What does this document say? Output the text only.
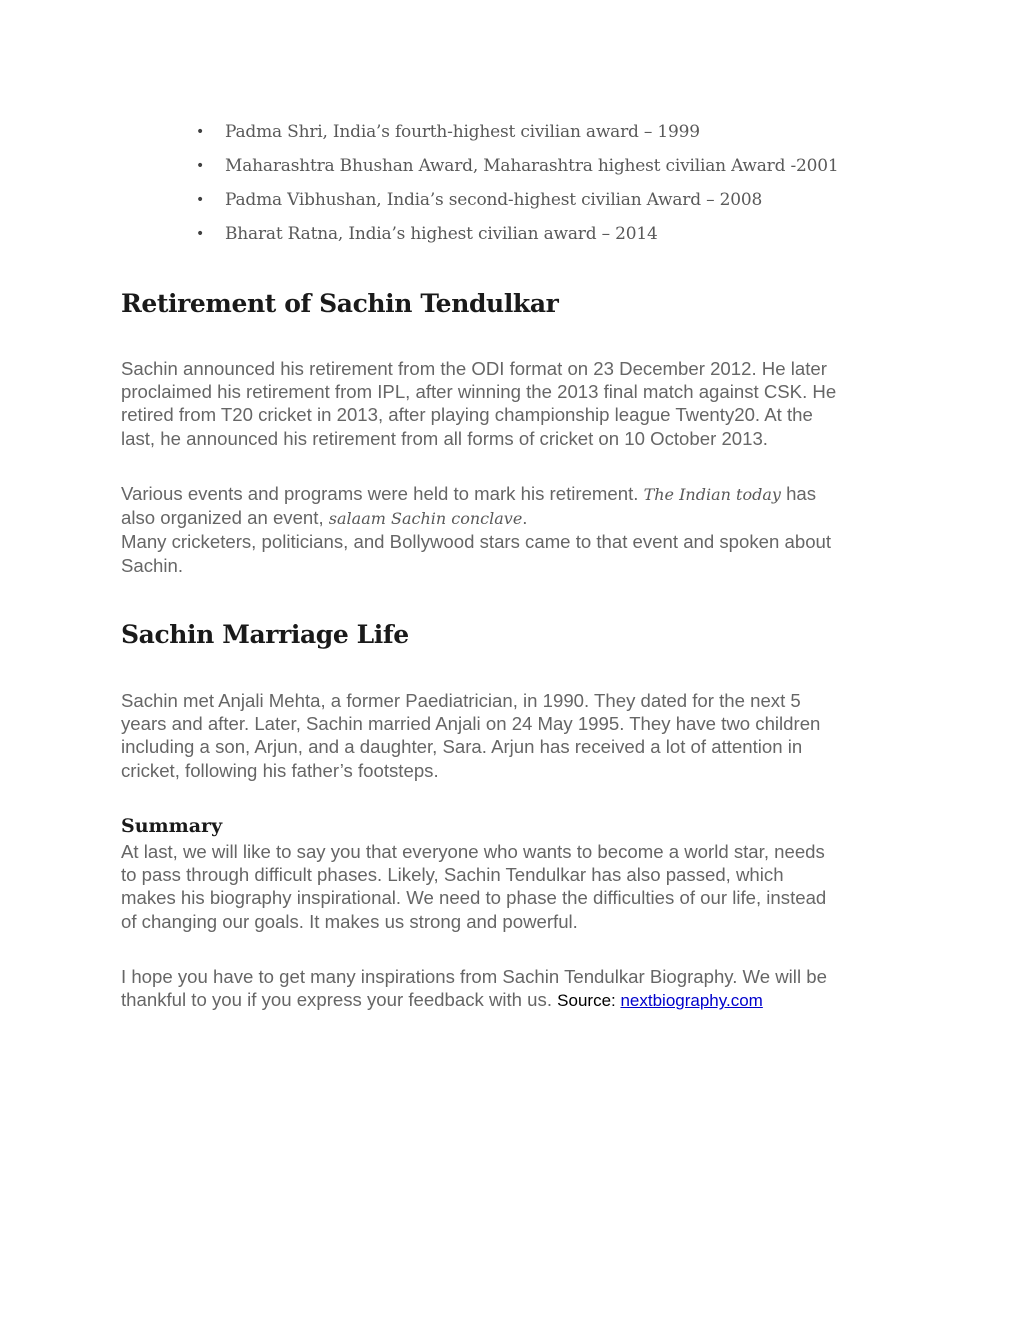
• Padma Shri, India’s fourth-highest civilian award – 1999
• Maharashtra Bhushan Award, Maharashtra highest civilian Award -2001
• Padma Vibhushan, India’s second-highest civilian Award – 2008
• Bharat Ratna, India’s highest civilian award – 2014
Retirement of Sachin Tendulkar

Sachin announced his retirement from the ODI format on 23 December 2012. He later
proclaimed his retirement from IPL, after winning the 2013 final match against CSK. He
retired from T20 cricket in 2013, after playing championship league Twenty20. At the
last, he announced his retirement from all forms of cricket on 10 October 2013.

Various events and programs were held to mark his retirement. The Indian today has
also organized an event, salaam Sachin conclave.
Many cricketers, politicians, and Bollywood stars came to that event and spoken about
Sachin.

Sachin Marriage Life

Sachin met Anjali Mehta, a former Paediatrician, in 1990. They dated for the next 5
years and after. Later, Sachin married Anjali on 24 May 1995. They have two children
including a son, Arjun, and a daughter, Sara. Arjun has received a lot of attention in
cricket, following his father’s footsteps.

Summary

At last, we will like to say you that everyone who wants to become a world star, needs
to pass through difficult phases. Likely, Sachin Tendulkar has also passed, which
makes his biography inspirational. We need to phase the difficulties of our life, instead
of changing our goals. It makes us strong and powerful.

I hope you have to get many inspirations from Sachin Tendulkar Biography. We will be
thankful to you if you express your feedback with us. Source: nextbiography.com
